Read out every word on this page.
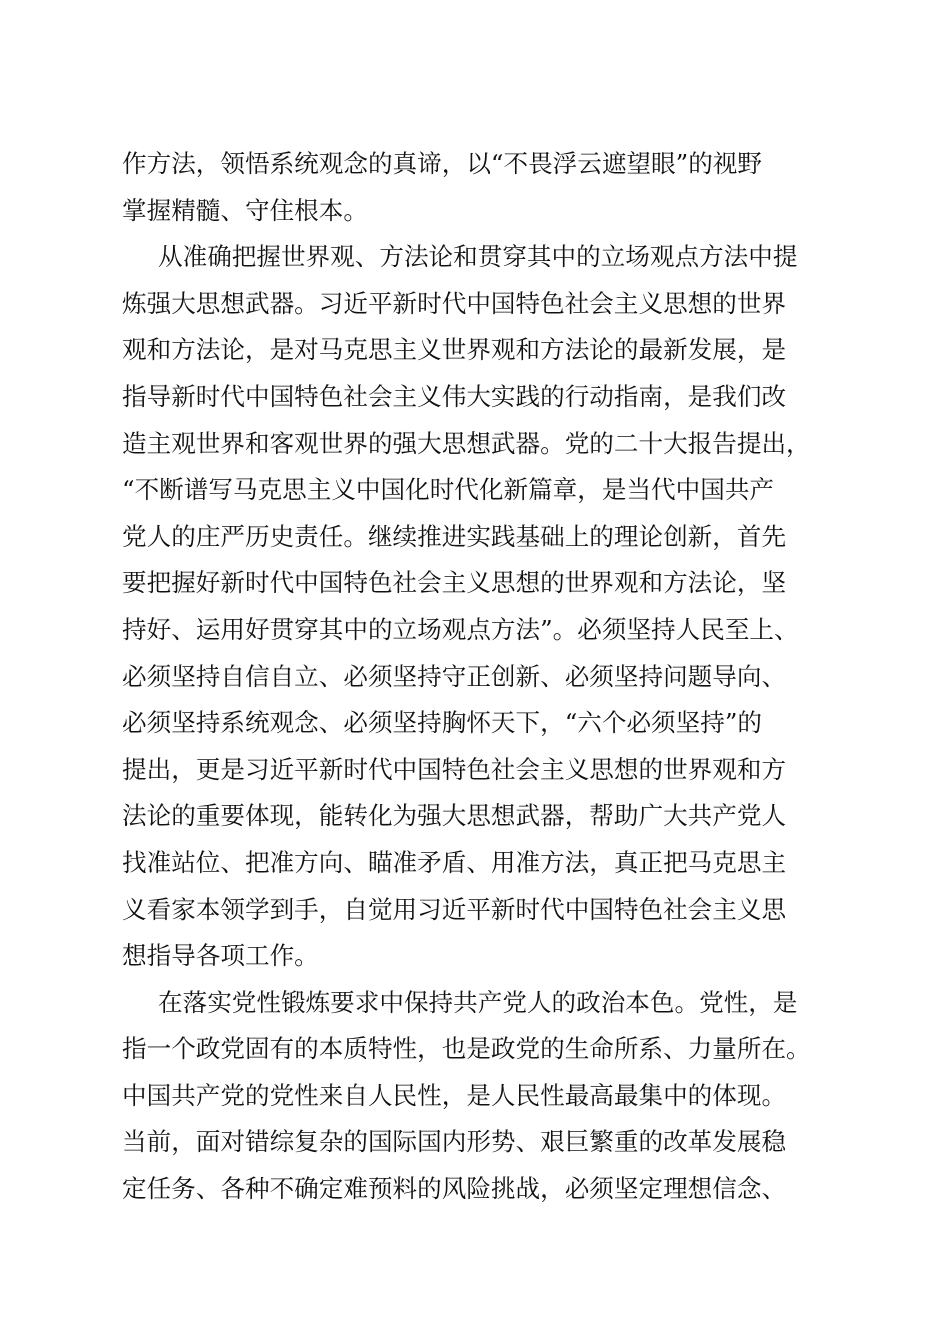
作方法，领悟系统观念的真谛，以“不畏浮云遮望眼”的视野
掌握精髓、守住根本。
从准确把握世界观、方法论和贯穿其中的立场观点方法中提
炼强大思想武器。习近平新时代中国特色社会主义思想的世界
观和方法论，是对马克思主义世界观和方法论的最新发展，是
指导新时代中国特色社会主义伟大实践的行动指南，是我们改
造主观世界和客观世界的强大思想武器。党的二十大报告提出，
“不断谱写马克思主义中国化时代化新篇章，是当代中国共产
党人的庄严历史责任。继续推进实践基础上的理论创新，首先
要把握好新时代中国特色社会主义思想的世界观和方法论，坚
持好、运用好贯穿其中的立场观点方法”。必须坚持人民至上、
必须坚持自信自立、必须坚持守正创新、必须坚持问题导向、
必须坚持系统观念、必须坚持胸怀天下，“六个必须坚持”的
提出，更是习近平新时代中国特色社会主义思想的世界观和方
法论的重要体现，能转化为强大思想武器，帮助广大共产党人
找准站位、把准方向、瞄准矛盾、用准方法，真正把马克思主
义看家本领学到手，自觉用习近平新时代中国特色社会主义思
想指导各项工作。
在落实党性锻炼要求中保持共产党人的政治本色。党性，是
指一个政党固有的本质特性，也是政党的生命所系、力量所在。
中国共产党的党性来自人民性，是人民性最高最集中的体现。
当前，面对错综复杂的国际国内形势、艰巨繁重的改革发展稳
定任务、各种不确定难预料的风险挑战，必须坚定理想信念、
